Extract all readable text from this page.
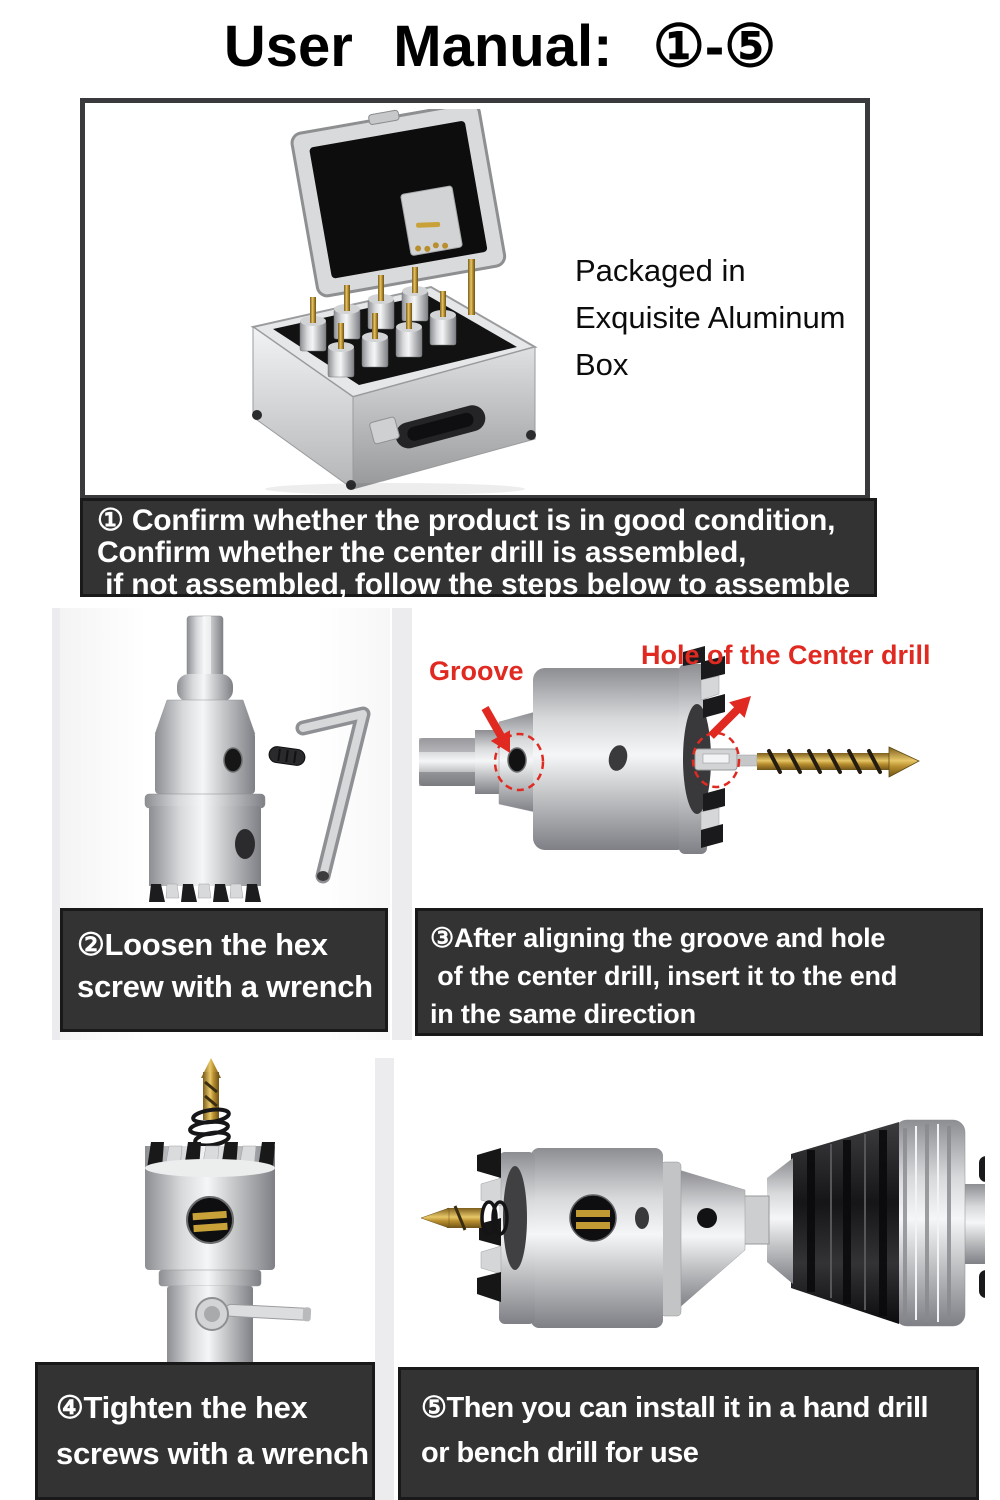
User Manual: ①-⑤
Packaged in
Exquisite Aluminum
Box
① Confirm whether the product is in good condition,
Confirm whether the center drill is assembled,
if not assembled, follow the steps below to assemble
②Loosen the hex
screw with a wrench
Groove
Hole of the Center drill
③After aligning the groove and hole
of the center drill, insert it to the end
in the same direction
④Tighten the hex
screws with a wrench
⑤Then you can install it in a hand drill
or bench drill for use
